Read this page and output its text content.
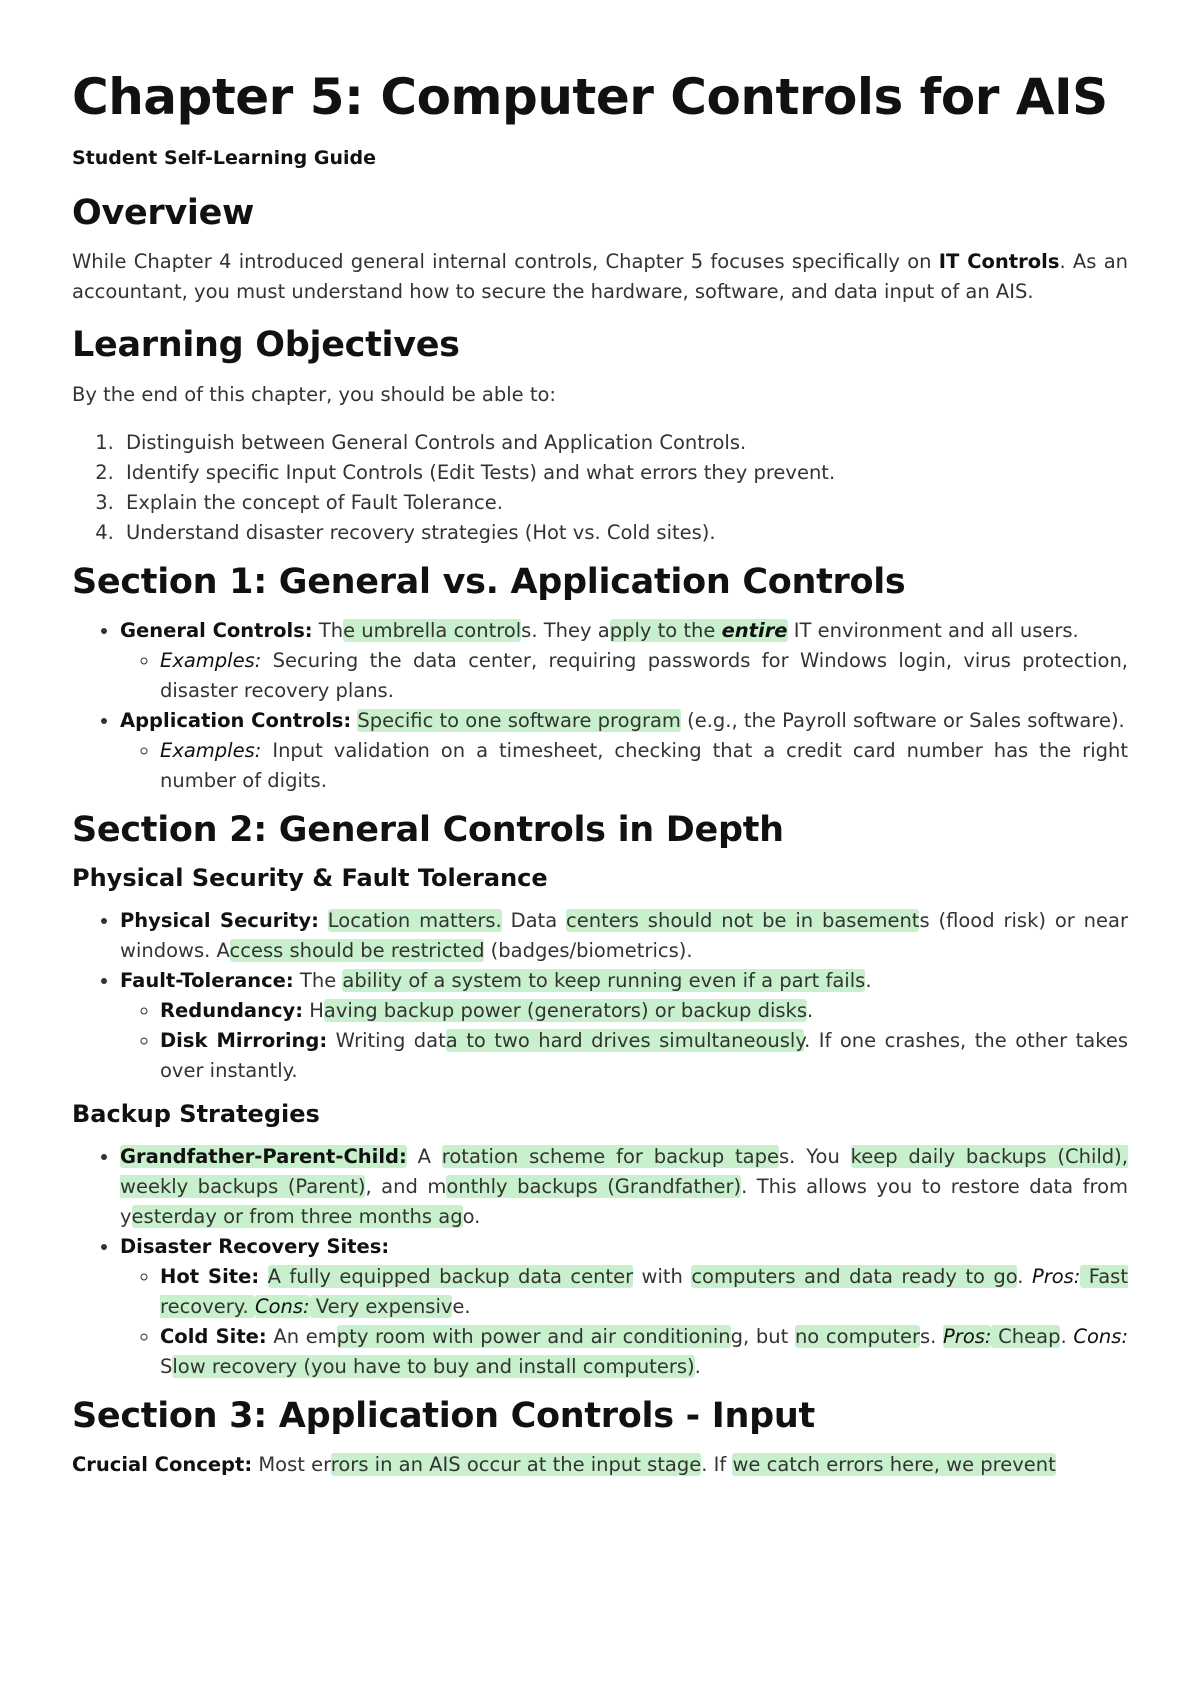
Chapter 5: Computer Controls for AIS
Student Self-Learning Guide
Overview

While Chapter 4 introduced general internal controls, Chapter 5 focuses specifically on IT Controls. As an accountant, you must understand how to secure the hardware, software, and data input of an AIS.

Learning Objectives

By the end of this chapter, you should be able to:

1. Distinguish between General Controls and Application Controls.
2. Identify specific Input Controls (Edit Tests) and what errors they prevent.
3. Explain the concept of Fault Tolerance.
4. Understand disaster recovery strategies (Hot vs. Cold sites).
Section 1: General vs. Application Controls
• General Controls: The umbrella controls. They apply to the entire IT environment and all users.
◦ Examples: Securing the data center, requiring passwords for Windows login, virus protection, disaster recovery plans.
• Application Controls: Specific to one software program (e.g., the Payroll software or Sales software).
◦ Examples: Input validation on a timesheet, checking that a credit card number has the right number of digits.
Section 2: General Controls in Depth
Physical Security & Fault Tolerance
• Physical Security: Location matters. Data centers should not be in basements (flood risk) or near windows. Access should be restricted (badges/biometrics).
• Fault-Tolerance: The ability of a system to keep running even if a part fails.
◦ Redundancy: Having backup power (generators) or backup disks.
◦ Disk Mirroring: Writing data to two hard drives simultaneously. If one crashes, the other takes over instantly.
Backup Strategies
• Grandfather-Parent-Child: A rotation scheme for backup tapes. You keep daily backups (Child), weekly backups (Parent), and monthly backups (Grandfather). This allows you to restore data from yesterday or from three months ago.
• Disaster Recovery Sites:
◦ Hot Site: A fully equipped backup data center with computers and data ready to go. Pros: Fast recovery. Cons: Very expensive.
◦ Cold Site: An empty room with power and air conditioning, but no computers. Pros: Cheap. Cons: Slow recovery (you have to buy and install computers).
Section 3: Application Controls - Input

Crucial Concept: Most errors in an AIS occur at the input stage. If we catch errors here, we prevent
